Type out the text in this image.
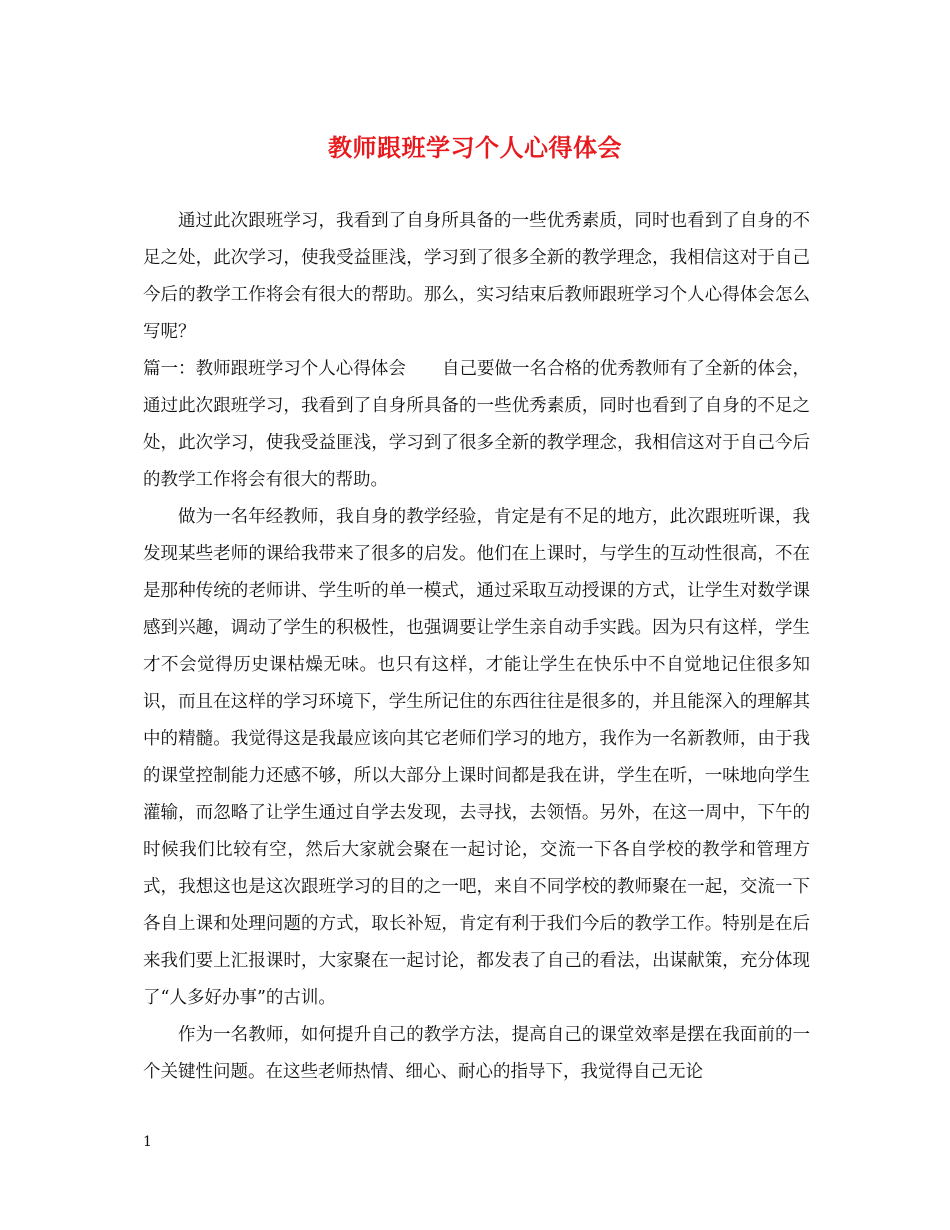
教师跟班学习个人心得体会

通过此次跟班学习，我看到了自身所具备的一些优秀素质，同时也看到了自身的不足之处，此次学习，使我受益匪浅，学习到了很多全新的教学理念，我相信这对于自己今后的教学工作将会有很大的帮助。那么，实习结束后教师跟班学习个人心得体会怎么写呢？

篇一：教师跟班学习个人心得体会 自己要做一名合格的优秀教师有了全新的体会，通过此次跟班学习，我看到了自身所具备的一些优秀素质，同时也看到了自身的不足之处，此次学习，使我受益匪浅，学习到了很多全新的教学理念，我相信这对于自己今后的教学工作将会有很大的帮助。

做为一名年经教师，我自身的教学经验，肯定是有不足的地方，此次跟班听课，我发现某些老师的课给我带来了很多的启发。他们在上课时，与学生的互动性很高，不在是那种传统的老师讲、学生听的单一模式，通过采取互动授课的方式，让学生对数学课感到兴趣，调动了学生的积极性，也强调要让学生亲自动手实践。因为只有这样，学生才不会觉得历史课枯燥无味。也只有这样，才能让学生在快乐中不自觉地记住很多知识，而且在这样的学习环境下，学生所记住的东西往往是很多的，并且能深入的理解其中的精髓。我觉得这是我最应该向其它老师们学习的地方，我作为一名新教师，由于我的课堂控制能力还感不够，所以大部分上课时间都是我在讲，学生在听，一味地向学生灌输，而忽略了让学生通过自学去发现，去寻找，去领悟。另外，在这一周中，下午的时候我们比较有空，然后大家就会聚在一起讨论，交流一下各自学校的教学和管理方式，我想这也是这次跟班学习的目的之一吧，来自不同学校的教师聚在一起，交流一下各自上课和处理问题的方式，取长补短，肯定有利于我们今后的教学工作。特别是在后来我们要上汇报课时，大家聚在一起讨论，都发表了自己的看法，出谋献策，充分体现了“人多好办事”的古训。

作为一名教师，如何提升自己的教学方法，提高自己的课堂效率是摆在我面前的一个关键性问题。在这些老师热情、细心、耐心的指导下，我觉得自己无论

1
